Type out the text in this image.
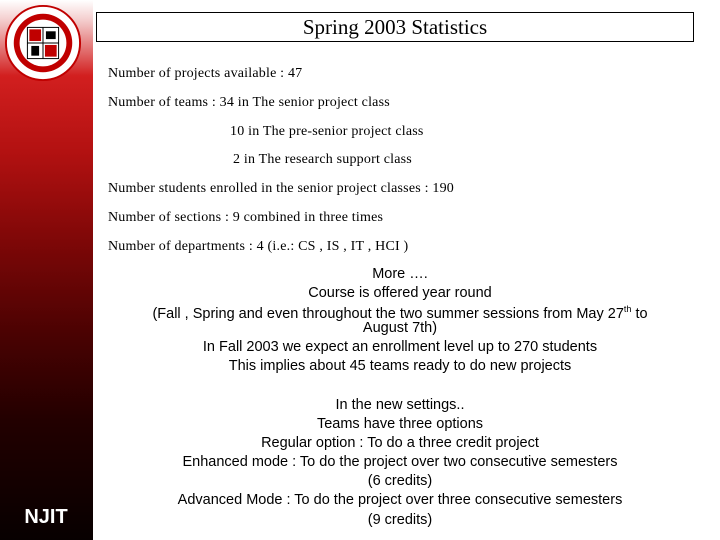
NJIT
Spring 2003 Statistics
Number of projects available : 47
Number of teams : 34 in The senior project class
10 in The pre-senior project class
2 in The research support class
Number students enrolled in the senior project classes : 190
Number of sections : 9 combined in three times
Number of departments : 4 (i.e.: CS , IS , IT , HCI )
More ….
Course is offered year round
(Fall , Spring and even throughout the two summer sessions from May 27th to
August 7th)
In Fall 2003 we expect an enrollment level up to 270 students
This implies about 45 teams ready to do new projects
In the new settings..
Teams have three options
Regular option : To do a three credit project
Enhanced mode : To do the project over two consecutive semesters
(6 credits)
Advanced Mode : To do the project over three consecutive semesters
(9 credits)
